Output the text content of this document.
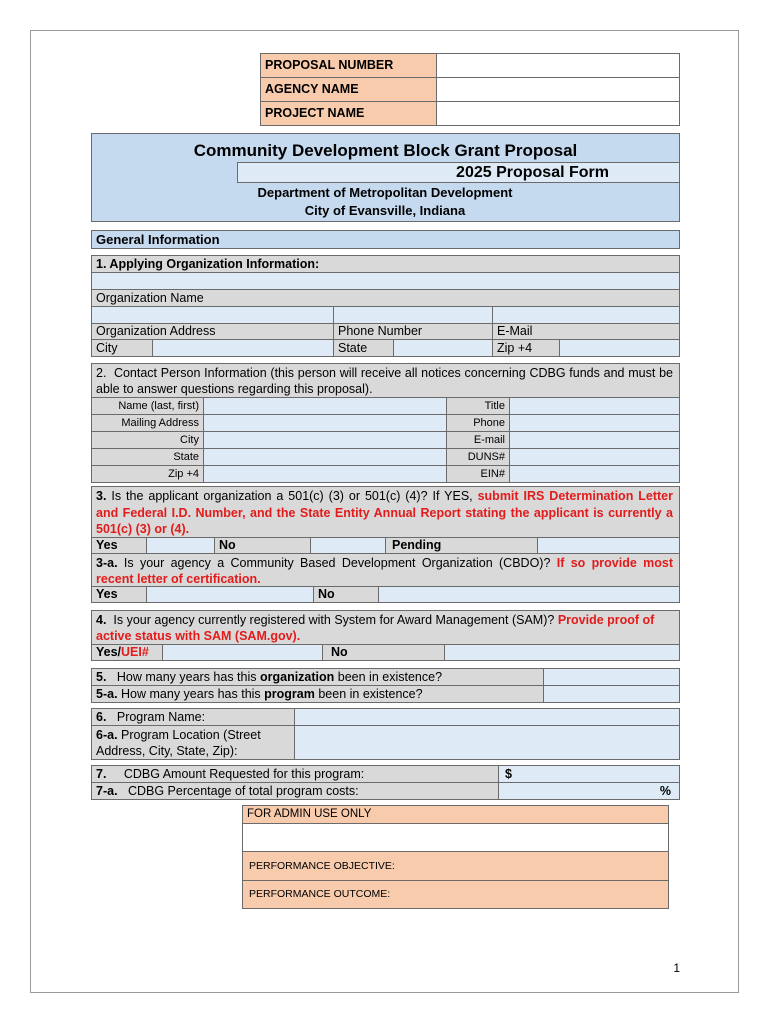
PROPOSAL NUMBER
AGENCY NAME
PROJECT NAME
Community Development Block Grant Proposal
2025 Proposal Form
Department of Metropolitan Development
City of Evansville, Indiana
General Information
1. Applying Organization Information:
Organization Name
Organization Address	Phone Number	E-Mail
City	State	Zip +4
2. Contact Person Information (this person will receive all notices concerning CDBG funds and must be able to answer questions regarding this proposal).
Name (last, first)	Title
Mailing Address	Phone
City	E-mail
State	DUNS#
Zip +4	EIN#
3. Is the applicant organization a 501(c) (3) or 501(c) (4)? If YES, submit IRS Determination Letter and Federal I.D. Number, and the State Entity Annual Report stating the applicant is currently a 501(c) (3) or (4).
Yes	No	Pending
3-a. Is your agency a Community Based Development Organization (CBDO)? If so provide most recent letter of certification.
Yes	No
4. Is your agency currently registered with System for Award Management (SAM)? Provide proof of active status with SAM (SAM.gov).
Yes/UEI#	No
5. How many years has this organization been in existence?
5-a. How many years has this program been in existence?
6. Program Name:
6-a. Program Location (Street Address, City, State, Zip):
7. CDBG Amount Requested for this program:	$
7-a. CDBG Percentage of total program costs:	%
FOR ADMIN USE ONLY
PERFORMANCE OBJECTIVE:
PERFORMANCE OUTCOME:
1
